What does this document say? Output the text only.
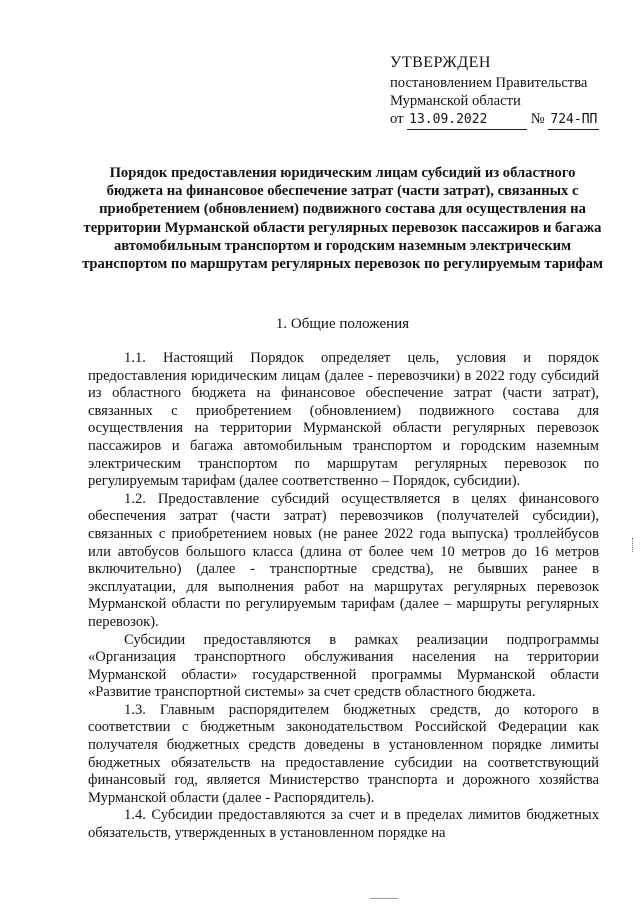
УТВЕРЖДЕН
постановлением Правительства
Мурманской области
от 13.09.2022	№ 724-ПП
Порядок предоставления юридическим лицам субсидий из областного бюджета на финансовое обеспечение затрат (части затрат), связанных с приобретением (обновлением) подвижного состава для осуществления на территории Мурманской области регулярных перевозок пассажиров и багажа автомобильным транспортом и городским наземным электрическим транспортом по маршрутам регулярных перевозок по регулируемым тарифам
1. Общие положения

1.1. Настоящий Порядок определяет цель, условия и порядок предоставления юридическим лицам (далее - перевозчики) в 2022 году субсидий из областного бюджета на финансовое обеспечение затрат (части затрат), связанных с приобретением (обновлением) подвижного состава для осуществления на территории Мурманской области регулярных перевозок пассажиров и багажа автомобильным транспортом и городским наземным электрическим транспортом по маршрутам регулярных перевозок по регулируемым тарифам (далее соответственно – Порядок, субсидии).

1.2. Предоставление субсидий осуществляется в целях финансового обеспечения затрат (части затрат) перевозчиков (получателей субсидии), связанных с приобретением новых (не ранее 2022 года выпуска) троллейбусов или автобусов большого класса (длина от более чем 10 метров до 16 метров включительно) (далее - транспортные средства), не бывших ранее в эксплуатации, для выполнения работ на маршрутах регулярных перевозок Мурманской области по регулируемым тарифам (далее – маршруты регулярных перевозок).

Субсидии предоставляются в рамках реализации подпрограммы «Организация транспортного обслуживания населения на территории Мурманской области» государственной программы Мурманской области «Развитие транспортной системы» за счет средств областного бюджета.

1.3. Главным распорядителем бюджетных средств, до которого в соответствии с бюджетным законодательством Российской Федерации как получателя бюджетных средств доведены в установленном порядке лимиты бюджетных обязательств на предоставление субсидии на соответствующий финансовый год, является Министерство транспорта и дорожного хозяйства Мурманской области (далее - Распорядитель).

1.4. Субсидии предоставляются за счет и в пределах лимитов бюджетных обязательств, утвержденных в установленном порядке на
